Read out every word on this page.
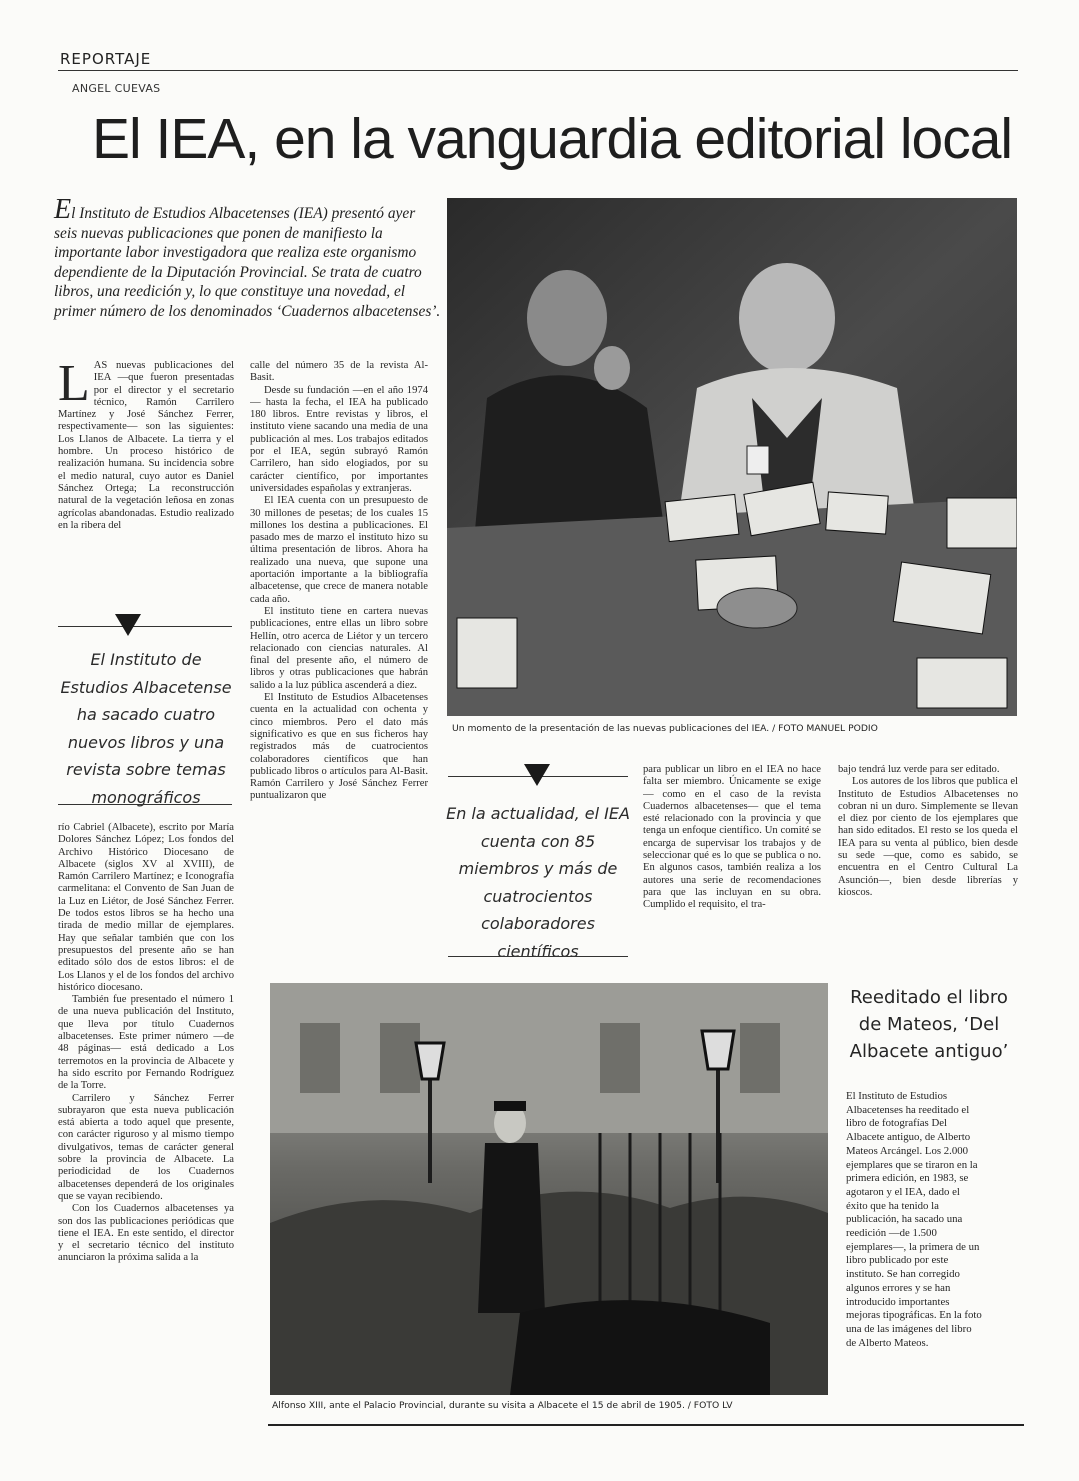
REPORTAJE
ANGEL CUEVAS
El IEA, en la vanguardia editorial local
El Instituto de Estudios Albacetenses (IEA) presentó ayer seis nuevas publicaciones que ponen de manifiesto la importante labor investigadora que realiza este organismo dependiente de la Diputación Provincial. Se trata de cuatro libros, una reedición y, lo que constituye una novedad, el primer número de los denominados ‘Cuadernos albacetenses’.

LAS nuevas publicaciones del IEA —que fueron presentadas por el director y el secretario técnico, Ramón Carrilero Martínez y José Sánchez Ferrer, respectivamente— son las siguientes: Los Llanos de Albacete. La tierra y el hombre. Un proceso histórico de realización humana. Su incidencia sobre el medio natural, cuyo autor es Daniel Sánchez Ortega; La reconstrucción natural de la vegetación leñosa en zonas agrícolas abandonadas. Estudio realizado en la ribera del

El Instituto de Estudios Albacetense ha sacado cuatro nuevos libros y una revista sobre temas monográficos

río Cabriel (Albacete), escrito por María Dolores Sánchez López; Los fondos del Archivo Histórico Diocesano de Albacete (siglos XV al XVIII), de Ramón Carrilero Martínez; e Iconografía carmelitana: el Convento de San Juan de la Luz en Liétor, de José Sánchez Ferrer. De todos estos libros se ha hecho una tirada de medio millar de ejemplares. Hay que señalar también que con los presupuestos del presente año se han editado sólo dos de estos libros: el de Los Llanos y el de los fondos del archivo histórico diocesano.

También fue presentado el número 1 de una nueva publicación del Instituto, que lleva por título Cuadernos albacetenses. Este primer número —de 48 páginas— está dedicado a Los terremotos en la provincia de Albacete y ha sido escrito por Fernando Rodríguez de la Torre.

Carrilero y Sánchez Ferrer subrayaron que esta nueva publicación está abierta a todo aquel que presente, con carácter riguroso y al mismo tiempo divulgativos, temas de carácter general sobre la provincia de Albacete. La periodicidad de los Cuadernos albacetenses dependerá de los originales que se vayan recibiendo.

Con los Cuadernos albacetenses ya son dos las publicaciones periódicas que tiene el IEA. En este sentido, el director y el secretario técnico del instituto anunciaron la próxima salida a la

calle del número 35 de la revista Al-Basit.

Desde su fundación —en el año 1974— hasta la fecha, el IEA ha publicado 180 libros. Entre revistas y libros, el instituto viene sacando una media de una publicación al mes. Los trabajos editados por el IEA, según subrayó Ramón Carrilero, han sido elogiados, por su carácter científico, por importantes universidades españolas y extranjeras.

El IEA cuenta con un presupuesto de 30 millones de pesetas; de los cuales 15 millones los destina a publicaciones. El pasado mes de marzo el instituto hizo su última presentación de libros. Ahora ha realizado una nueva, que supone una aportación importante a la bibliografía albacetense, que crece de manera notable cada año.

El instituto tiene en cartera nuevas publicaciones, entre ellas un libro sobre Hellín, otro acerca de Liétor y un tercero relacionado con ciencias naturales. Al final del presente año, el número de libros y otras publicaciones que habrán salido a la luz pública ascenderá a diez.

El Instituto de Estudios Albacetenses cuenta en la actualidad con ochenta y cinco miembros. Pero el dato más significativo es que en sus ficheros hay registrados más de cuatrocientos colaboradores científicos que han publicado libros o artículos para Al-Basit. Ramón Carrilero y José Sánchez Ferrer puntualizaron que

Un momento de la presentación de las nuevas publicaciones del IEA. / FOTO MANUEL PODIO
En la actualidad, el IEA cuenta con 85 miembros y más de cuatrocientos colaboradores científicos

para publicar un libro en el IEA no hace falta ser miembro. Únicamente se exige — como en el caso de la revista Cuadernos albacetenses— que el tema esté relacionado con la provincia y que tenga un enfoque científico. Un comité se encarga de supervisar los trabajos y de seleccionar qué es lo que se publica o no. En algunos casos, también realiza a los autores una serie de recomendaciones para que las incluyan en su obra. Cumplido el requisito, el tra-

bajo tendrá luz verde para ser editado.

Los autores de los libros que publica el Instituto de Estudios Albacetenses no cobran ni un duro. Simplemente se llevan el diez por ciento de los ejemplares que han sido editados. El resto se los queda el IEA para su venta al público, bien desde su sede —que, como es sabido, se encuentra en el Centro Cultural La Asunción—, bien desde librerías y kioscos.

Alfonso XIII, ante el Palacio Provincial, durante su visita a Albacete el 15 de abril de 1905. / FOTO LV
Reeditado el libro de Mateos, ‘Del Albacete antiguo’
El Instituto de Estudios Albacetenses ha reeditado el libro de fotografías Del Albacete antiguo, de Alberto Mateos Arcángel. Los 2.000 ejemplares que se tiraron en la primera edición, en 1983, se agotaron y el IEA, dado el éxito que ha tenido la publicación, ha sacado una reedición —de 1.500 ejemplares—, la primera de un libro publicado por este instituto. Se han corregido algunos errores y se han introducido importantes mejoras tipográficas. En la foto una de las imágenes del libro de Alberto Mateos.
